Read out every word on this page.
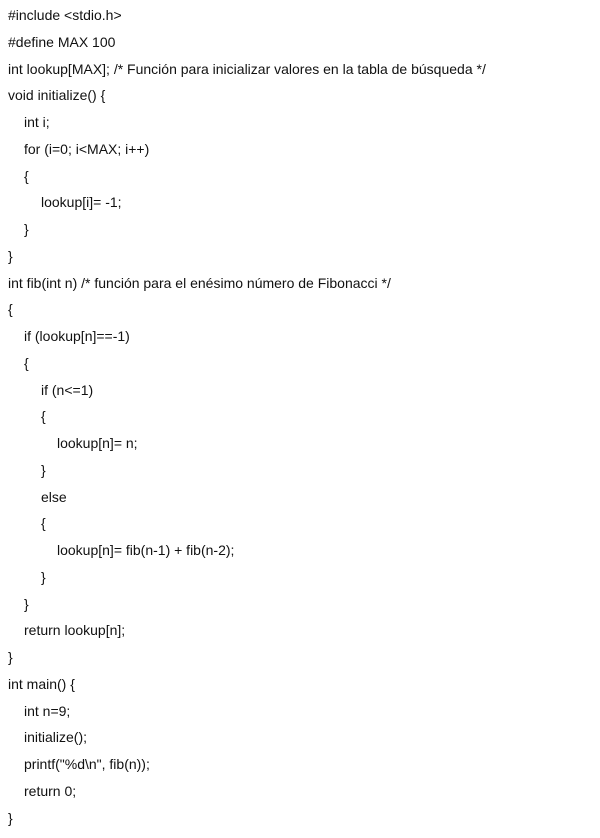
#include <stdio.h>
#define MAX 100
int lookup[MAX]; /* Función para inicializar valores en la tabla de búsqueda */
void initialize() {
int i;
for (i=0; i<MAX; i++)
{
lookup[i]= -1;
}
}
int fib(int n) /* función para el enésimo número de Fibonacci */
{
if (lookup[n]==-1)
{
if (n<=1)
{
lookup[n]= n;
}
else
{
lookup[n]= fib(n-1) + fib(n-2);
}
}
return lookup[n];
}
int main() {
int n=9;
initialize();
printf("%d\n", fib(n));
return 0;
}
